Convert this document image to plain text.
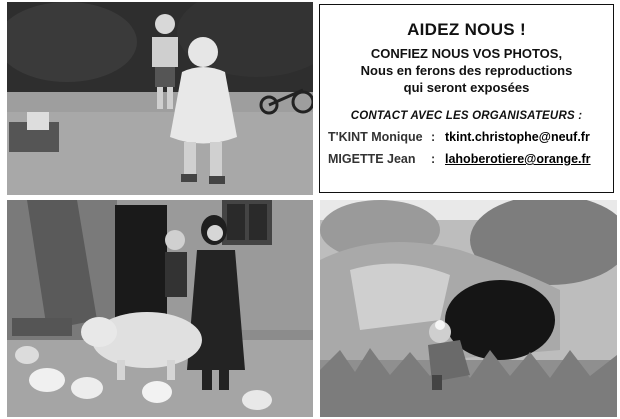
AIDEZ NOUS !
CONFIEZ NOUS VOS PHOTOS,
Nous en ferons des reproductions
qui seront exposées
CONTACT AVEC LES ORGANISATEURS :
T'KINT Monique : tkint.christophe@neuf.fr
MIGETTE Jean	: lahoberotiere@orange.fr
